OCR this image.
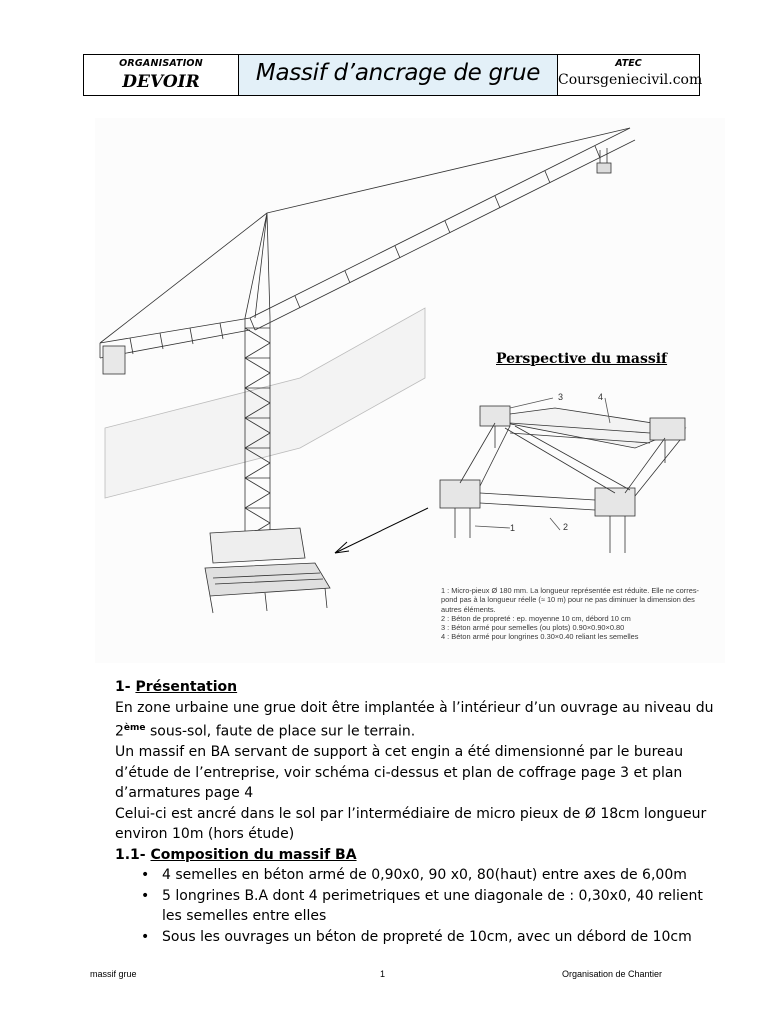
ORGANISATION
DEVOIR	Massif d’ancrage de grue	ATEC
Coursgeniecivil.com
Perspective du massif
3	4
1	2
1 : Micro-pieux Ø 180 mm. La longueur représentée est réduite. Elle ne corres-
pond pas à la longueur réelle (≈ 10 m) pour ne pas diminuer la dimension des
autres éléments.
2 : Béton de propreté : ep. moyenne 10 cm, débord 10 cm
3 : Béton armé pour semelles (ou plots) 0.90×0.90×0.80
4 : Béton armé pour longrines 0.30×0.40 reliant les semelles

1- Présentation

En zone urbaine une grue doit être implantée à l’intérieur d’un ouvrage au niveau du

2ème sous-sol, faute de place sur le terrain.

Un massif en BA servant de support à cet engin a été dimensionné par le bureau

d’étude de l’entreprise, voir schéma ci-dessus et plan de coffrage page 3 et plan

d’armatures page 4

Celui-ci est ancré dans le sol par l’intermédiaire de micro pieux de Ø 18cm longueur

environ 10m (hors étude)

1.1- Composition du massif BA

• 4 semelles en béton armé de 0,90x0, 90 x0, 80(haut) entre axes de 6,00m

• 5 longrines B.A dont 4 perimetriques et une diagonale de : 0,30x0, 40 relient

les semelles entre elles

• Sous les ouvrages un béton de propreté de 10cm, avec un débord de 10cm

massif grue	1	Organisation de Chantier
